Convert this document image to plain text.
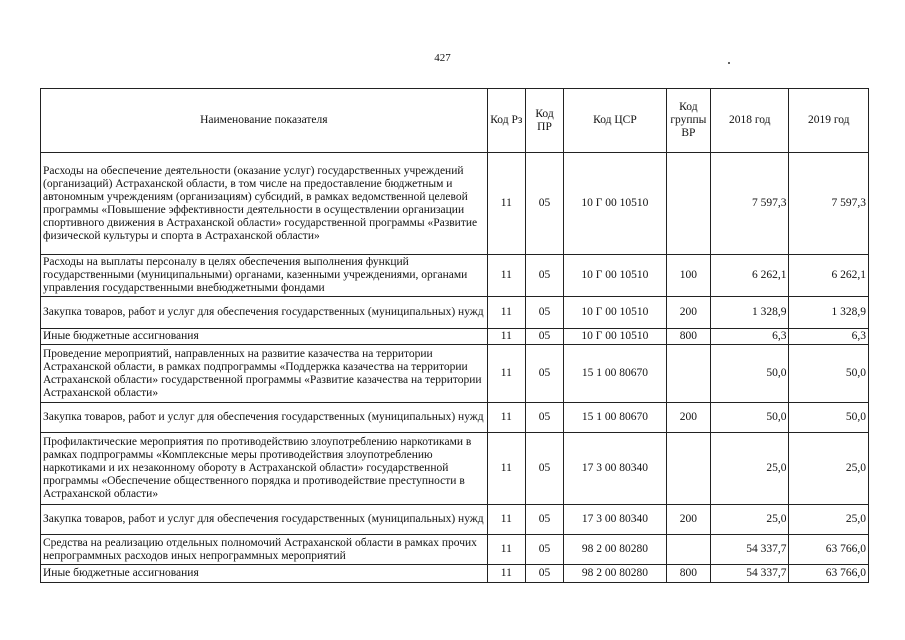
427
Наименование показателя	Код Рз	Код ПР	Код ЦСР	Код группы ВР	2018 год	2019 год
Расходы на обеспечение деятельности (оказание услуг) государственных учреждений (организаций) Астраханской области, в том числе на предоставление бюджетным и автономным учреждениям (организациям) субсидий, в рамках ведомственной целевой программы «Повышение эффективности деятельности в осуществлении организации спортивного движения в Астраханской области» государственной программы «Развитие физической культуры и спорта в Астраханской области»	11	05	10 Г 00 10510		7 597,3	7 597,3
Расходы на выплаты персоналу в целях обеспечения выполнения функций государственными (муниципальными) органами, казенными учреждениями, органами управления государственными внебюджетными фондами	11	05	10 Г 00 10510	100	6 262,1	6 262,1
Закупка товаров, работ и услуг для обеспечения государственных (муниципальных) нужд	11	05	10 Г 00 10510	200	1 328,9	1 328,9
Иные бюджетные ассигнования	11	05	10 Г 00 10510	800	6,3	6,3
Проведение мероприятий, направленных на развитие казачества на территории Астраханской области, в рамках подпрограммы «Поддержка казачества на территории Астраханской области» государственной программы «Развитие казачества на территории Астраханской области»	11	05	15 1 00 80670		50,0	50,0
Закупка товаров, работ и услуг для обеспечения государственных (муниципальных) нужд	11	05	15 1 00 80670	200	50,0	50,0
Профилактические мероприятия по противодействию злоупотреблению наркотиками в рамках подпрограммы «Комплексные меры противодействия злоупотреблению наркотиками и их незаконному обороту в Астраханской области» государственной программы «Обеспечение общественного порядка и противодействие преступности в Астраханской области»	11	05	17 3 00 80340		25,0	25,0
Закупка товаров, работ и услуг для обеспечения государственных (муниципальных) нужд	11	05	17 3 00 80340	200	25,0	25,0
Средства на реализацию отдельных полномочий Астраханской области в рамках прочих непрограммных расходов иных непрограммных мероприятий	11	05	98 2 00 80280		54 337,7	63 766,0
Иные бюджетные ассигнования	11	05	98 2 00 80280	800	54 337,7	63 766,0
